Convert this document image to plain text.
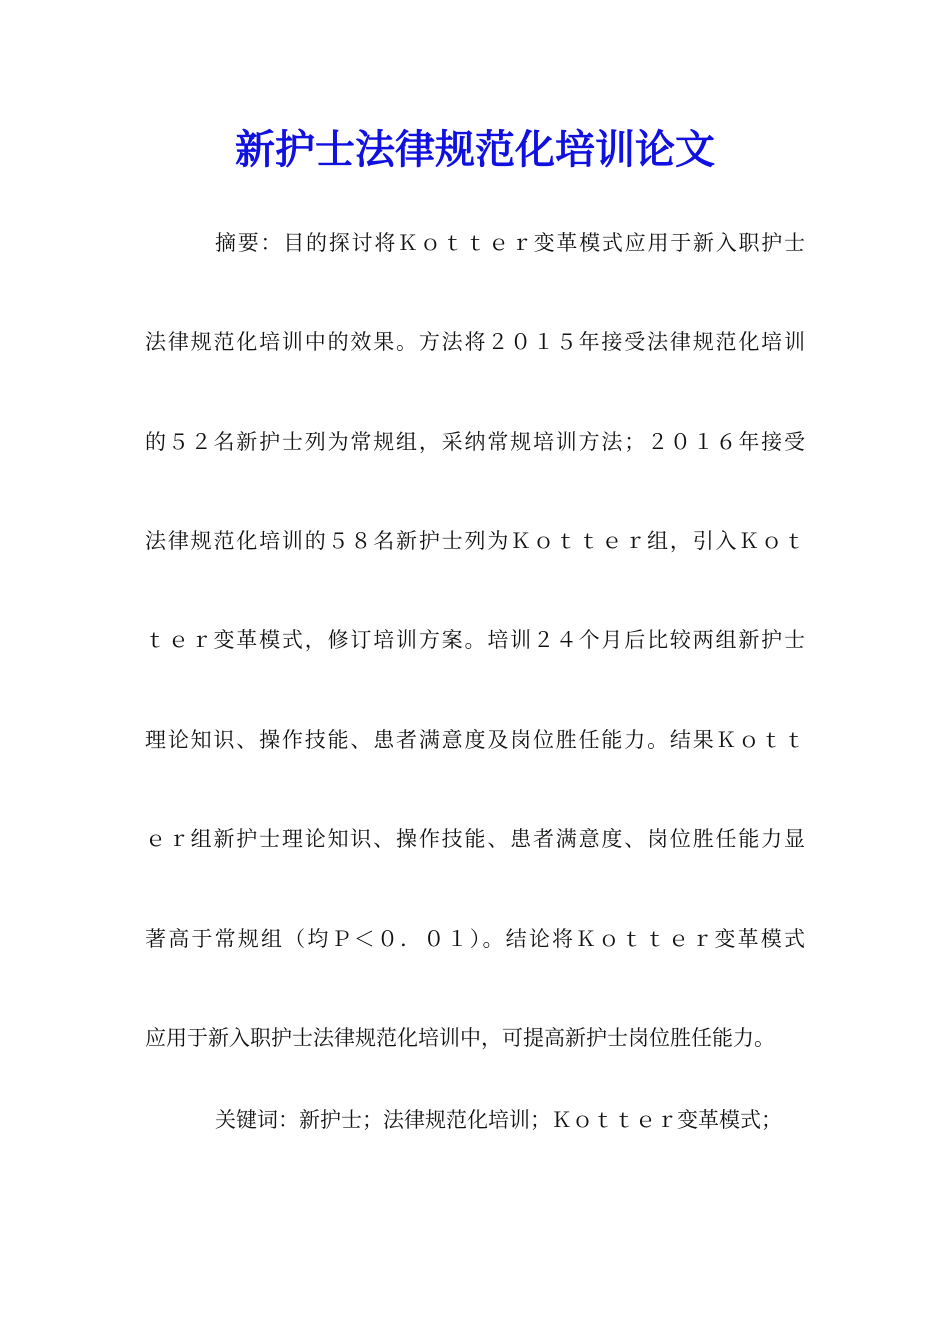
新护士法律规范化培训论文
摘要：目的探讨将Ｋｏｔｔｅｒ变革模式应用于新入职护士
法律规范化培训中的效果。方法将２０１５年接受法律规范化培训
的５２名新护士列为常规组，采纳常规培训方法；２０１６年接受
法律规范化培训的５８名新护士列为Ｋｏｔｔｅｒ组，引入Ｋｏｔ
ｔｅｒ变革模式，修订培训方案。培训２４个月后比较两组新护士
理论知识、操作技能、患者满意度及岗位胜任能力。结果Ｋｏｔｔ
ｅｒ组新护士理论知识、操作技能、患者满意度、岗位胜任能力显
著高于常规组（均Ｐ＜０．０１）。结论将Ｋｏｔｔｅｒ变革模式
应用于新入职护士法律规范化培训中，可提高新护士岗位胜任能力。
关键词：新护士；法律规范化培训；Ｋｏｔｔｅｒ变革模式；
